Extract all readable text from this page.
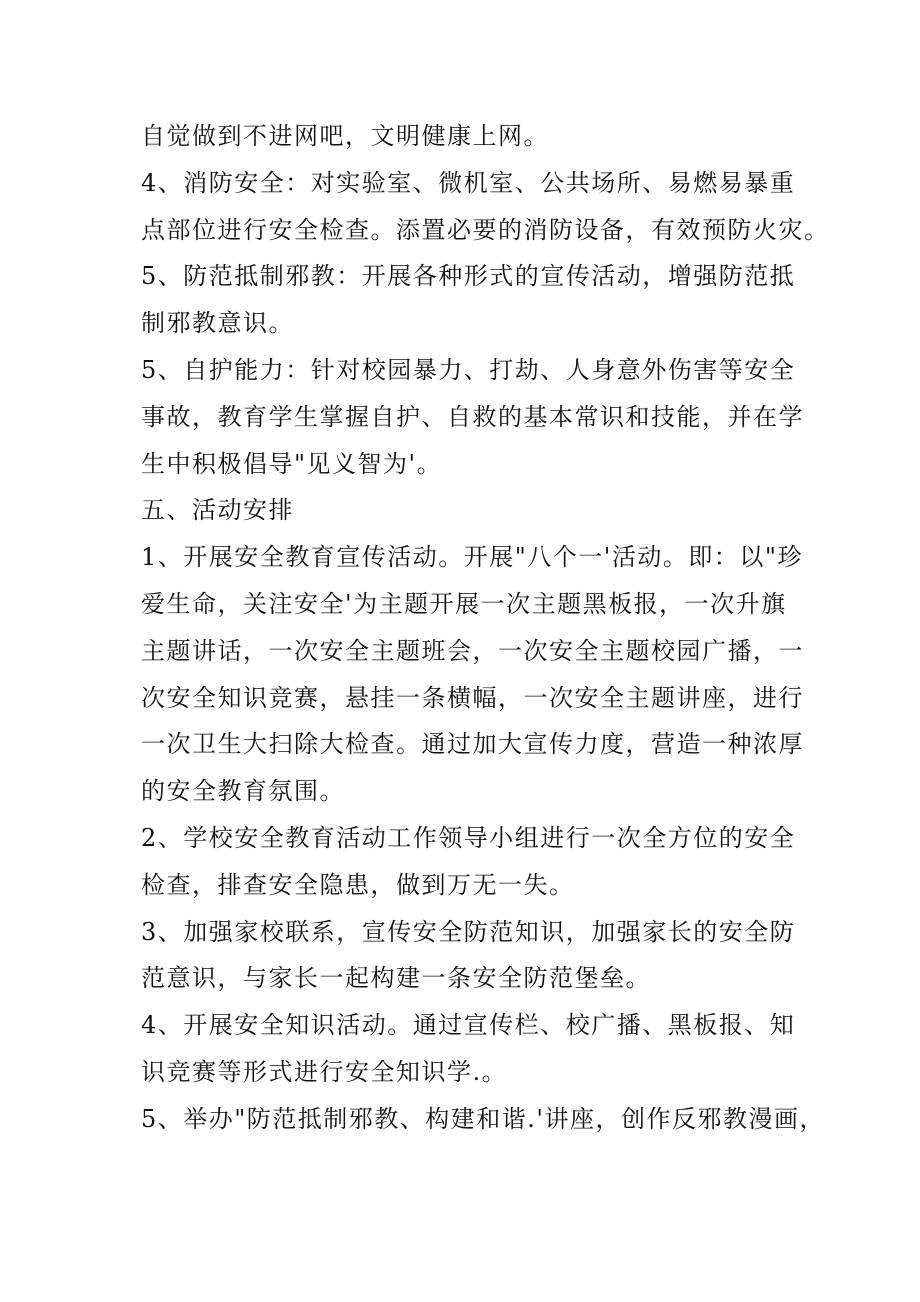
自觉做到不进网吧，文明健康上网。
4、消防安全：对实验室、微机室、公共场所、易燃易暴重
点部位进行安全检查。添置必要的消防设备，有效预防火灾。
5、防范抵制邪教：开展各种形式的宣传活动，增强防范抵
制邪教意识。
5、自护能力：针对校园暴力、打劫、人身意外伤害等安全
事故，教育学生掌握自护、自救的基本常识和技能，并在学
生中积极倡导"见义智为'。
五、活动安排
1、开展安全教育宣传活动。开展"八个一'活动。即：以"珍
爱生命，关注安全'为主题开展一次主题黑板报，一次升旗
主题讲话，一次安全主题班会，一次安全主题校园广播，一
次安全知识竞赛，悬挂一条横幅，一次安全主题讲座，进行
一次卫生大扫除大检查。通过加大宣传力度，营造一种浓厚
的安全教育氛围。
2、学校安全教育活动工作领导小组进行一次全方位的安全
检查，排查安全隐患，做到万无一失。
3、加强家校联系，宣传安全防范知识，加强家长的安全防
范意识，与家长一起构建一条安全防范堡垒。
4、开展安全知识活动。通过宣传栏、校广播、黑板报、知
识竞赛等形式进行安全知识学.。
5、举办"防范抵制邪教、构建和谐.'讲座，创作反邪教漫画，
